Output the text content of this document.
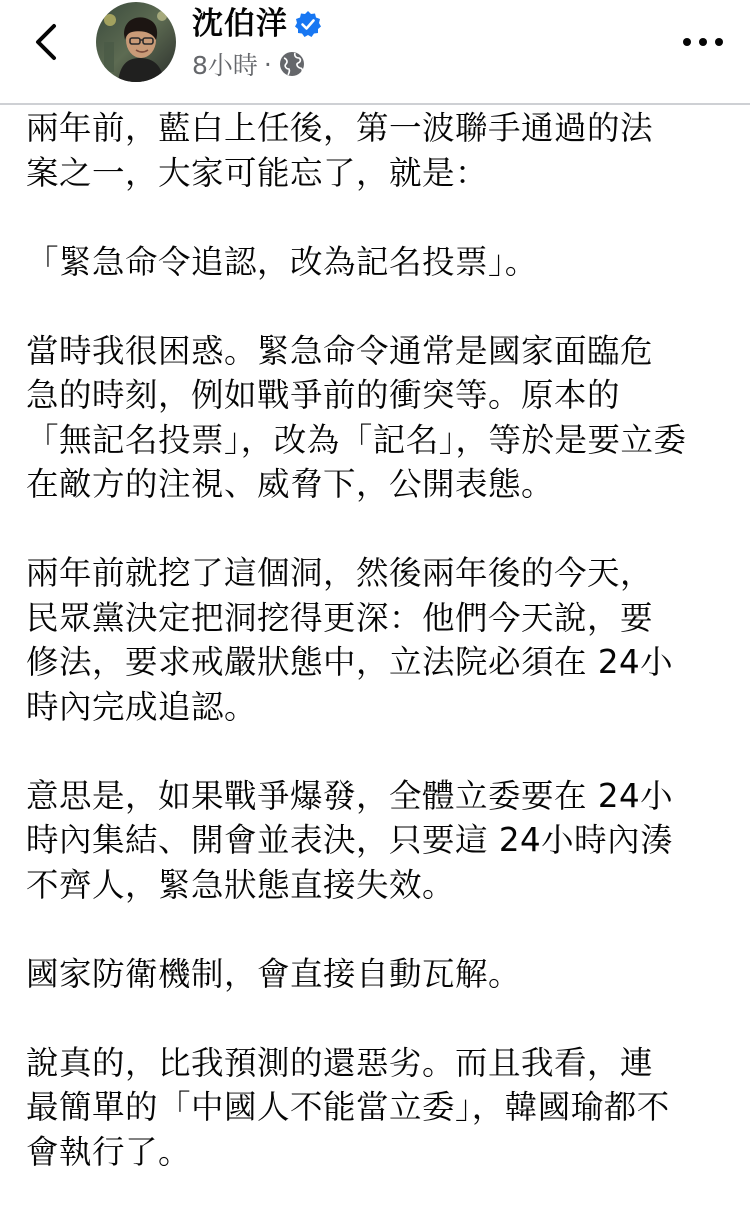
沈伯洋
8小時 ·
兩年前，藍白上任後，第一波聯手通過的法
案之一，大家可能忘了，就是：
「緊急命令追認，改為記名投票」。
當時我很困惑。緊急命令通常是國家面臨危
急的時刻，例如戰爭前的衝突等。原本的
「無記名投票」，改為「記名」，等於是要立委
在敵方的注視、威脅下，公開表態。
兩年前就挖了這個洞，然後兩年後的今天，
民眾黨決定把洞挖得更深：他們今天說，要
修法，要求戒嚴狀態中，立法院必須在 24小
時內完成追認。
意思是，如果戰爭爆發，全體立委要在 24小
時內集結、開會並表決，只要這 24小時內湊
不齊人，緊急狀態直接失效。
國家防衛機制，會直接自動瓦解。
說真的，比我預測的還惡劣。而且我看，連
最簡單的「中國人不能當立委」，韓國瑜都不
會執行了。
